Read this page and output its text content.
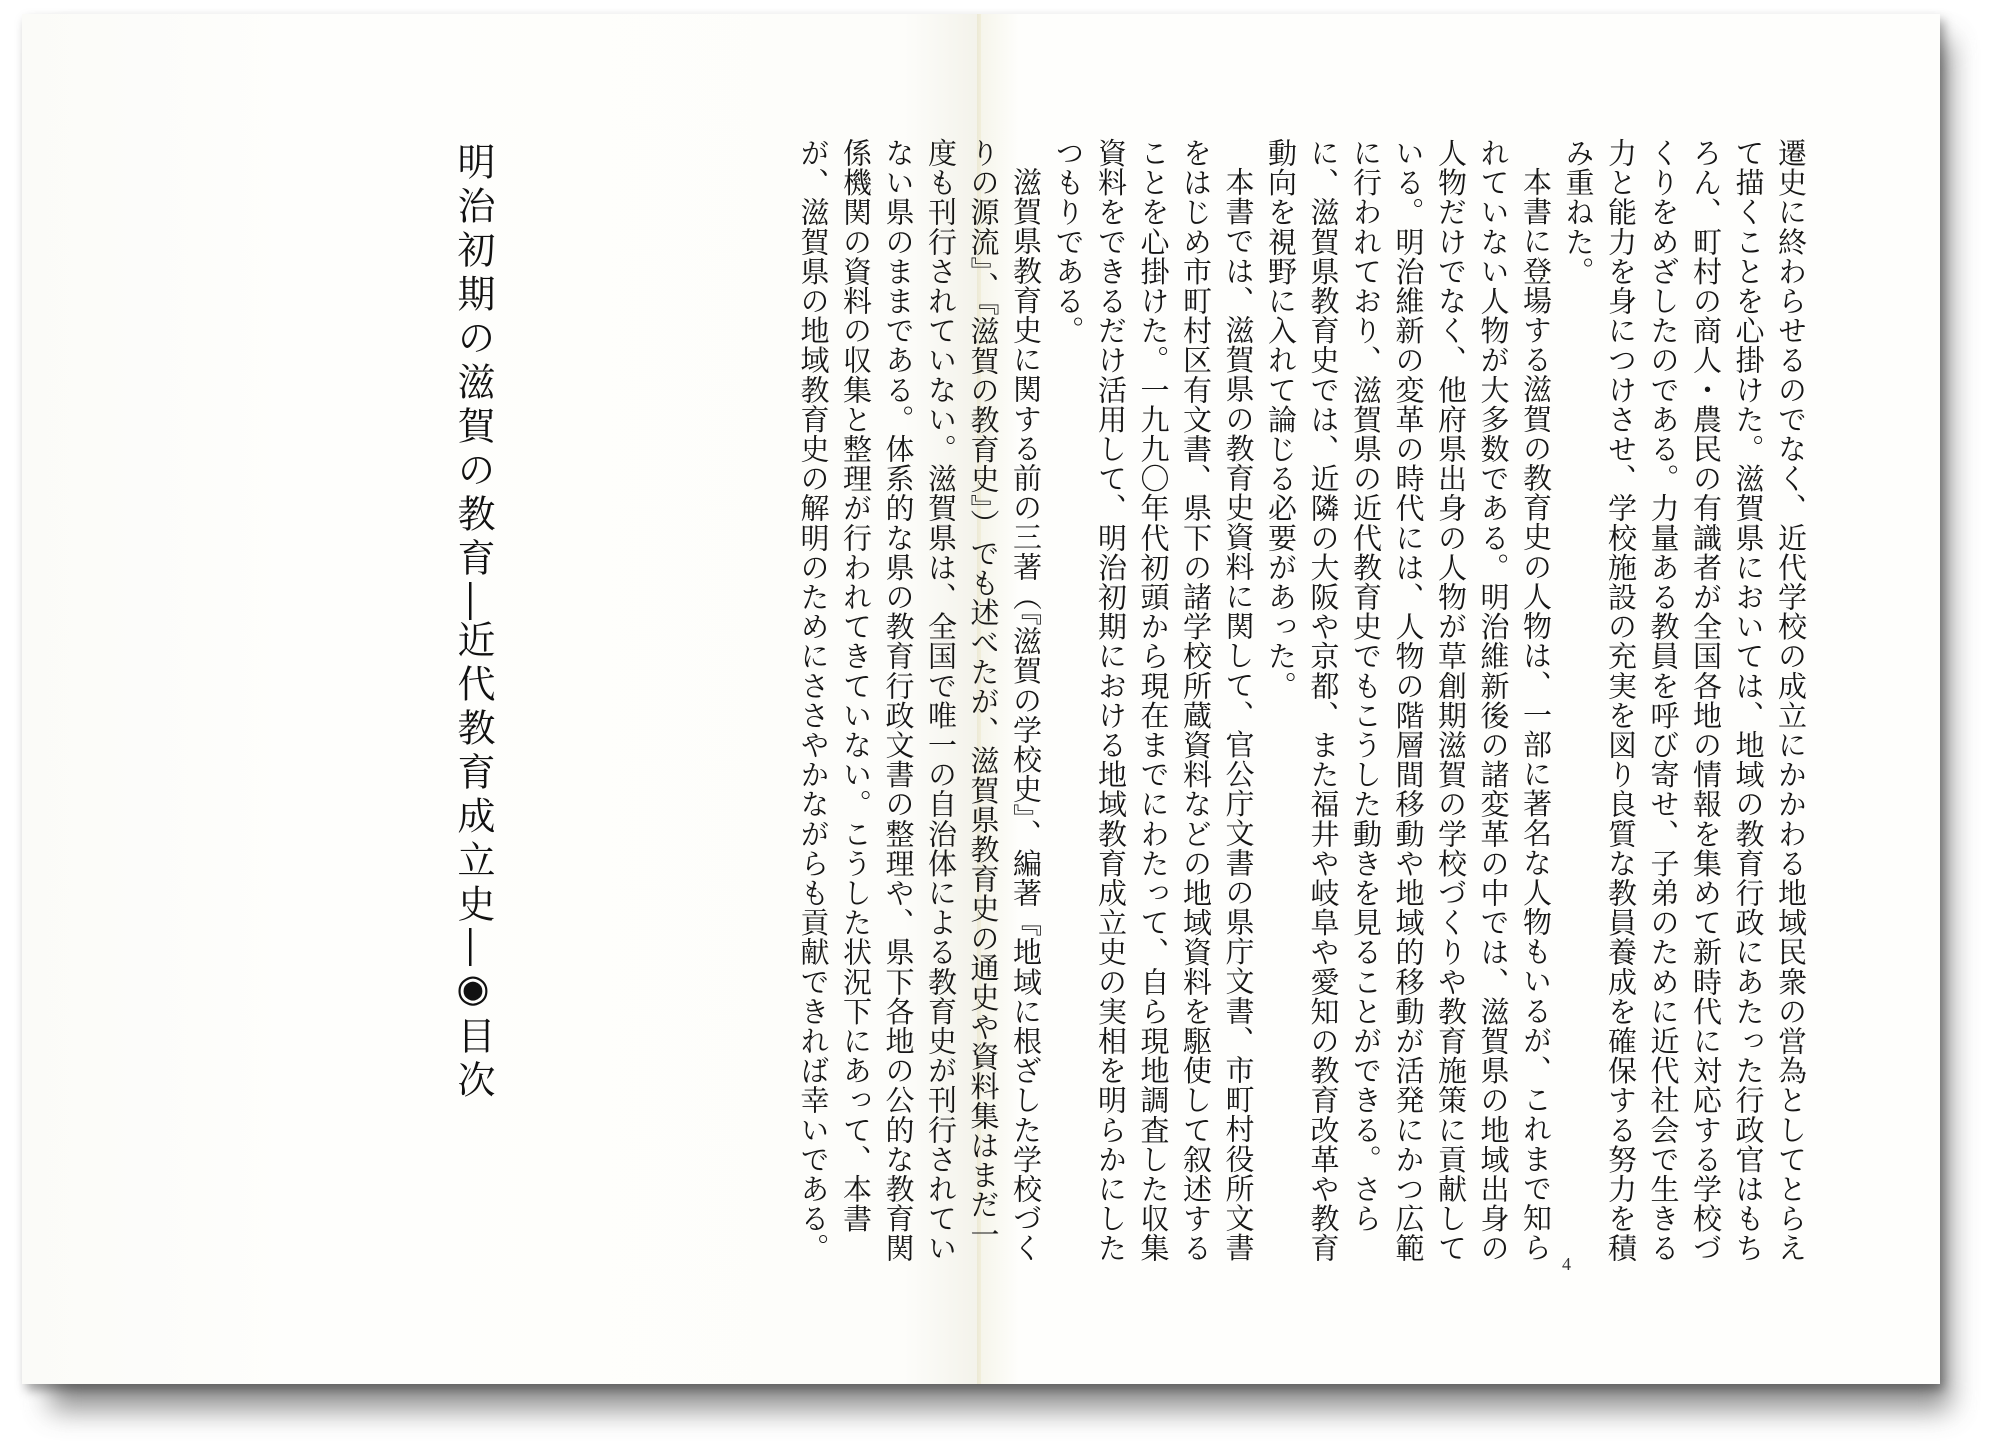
明治初期の滋賀の教育―近代教育成立史―◉目次	遷史に終わらせるのでなく、近代学校の成立にかかわる地域民衆の営為としてとらえて描くことを心掛けた。滋賀県においては、地域の教育行政にあたった行政官はもちろん、町村の商人・農民の有識者が全国各地の情報を集めて新時代に対応する学校づくりをめざしたのである。力量ある教員を呼び寄せ、子弟のために近代社会で生きる力と能力を身につけさせ、学校施設の充実を図り良質な教員養成を確保する努力を積み重ねた。

本書に登場する滋賀の教育史の人物は、一部に著名な人物もいるが、これまで知られていない人物が大多数である。明治維新後の諸変革の中では、滋賀県の地域出身の人物だけでなく、他府県出身の人物が草創期滋賀の学校づくりや教育施策に貢献している。明治維新の変革の時代には、人物の階層間移動や地域的移動が活発にかつ広範に行われており、滋賀県の近代教育史でもこうした動きを見ることができる。さらに、滋賀県教育史では、近隣の大阪や京都、また福井や岐阜や愛知の教育改革や教育動向を視野に入れて論じる必要があった。

本書では、滋賀県の教育史資料に関して、官公庁文書の県庁文書、市町村役所文書をはじめ市町村区有文書、県下の諸学校所蔵資料などの地域資料を駆使して叙述することを心掛けた。一九九〇年代初頭から現在までにわたって、自ら現地調査した収集資料をできるだけ活用して、明治初期における地域教育成立史の実相を明らかにしたつもりである。

滋賀県教育史に関する前の三著（『滋賀の学校史』、編著『地域に根ざした学校づくりの源流』、『滋賀の教育史』）でも述べたが、滋賀県教育史の通史や資料集はまだ一度も刊行されていない。滋賀県は、全国で唯一の自治体による教育史が刊行されていない県のままである。体系的な県の教育行政文書の整理や、県下各地の公的な教育関係機関の資料の収集と整理が行われてきていない。こうした状況下にあって、本書が、滋賀県の地域教育史の解明のためにささやかながらも貢献できれば幸いである。

4
